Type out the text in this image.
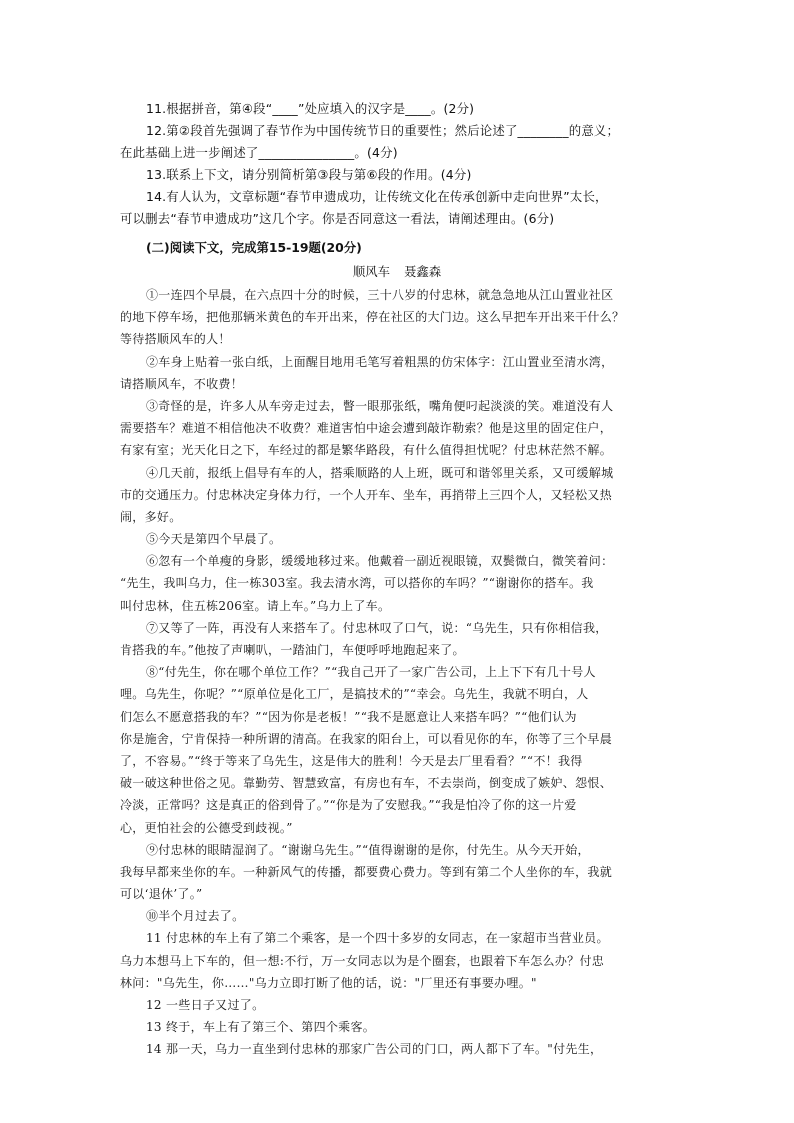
11.根据拼音，第④段“____”处应填入的汉字是____。(2分)
12.第②段首先强调了春节作为中国传统节日的重要性；然后论述了________的意义；
在此基础上进一步阐述了_______________。(4分)
13.联系上下文，请分别简析第③段与第⑥段的作用。(4分)
14.有人认为，文章标题“春节申遗成功，让传统文化在传承创新中走向世界”太长，
可以删去“春节申遗成功”这几个字。你是否同意这一看法，请阐述理由。(6分)
(二)阅读下文，完成第15-19题(20分)
顺风车 聂鑫森
①一连四个早晨，在六点四十分的时候，三十八岁的付忠林，就急急地从江山置业社区
的地下停车场，把他那辆米黄色的车开出来，停在社区的大门边。这么早把车开出来干什么？
等待搭顺风车的人！
②车身上贴着一张白纸，上面醒目地用毛笔写着粗黑的仿宋体字：江山置业至清水湾，
请搭顺风车，不收费！
③奇怪的是，许多人从车旁走过去，瞥一眼那张纸，嘴角便叼起淡淡的笑。难道没有人
需要搭车？难道不相信他决不收费？难道害怕中途会遭到敲诈勒索？他是这里的固定住户，
有家有室；光天化日之下，车经过的都是繁华路段，有什么值得担忧呢？付忠林茫然不解。
④几天前，报纸上倡导有车的人，搭乘顺路的人上班，既可和谐邻里关系，又可缓解城
市的交通压力。付忠林决定身体力行，一个人开车、坐车，再捎带上三四个人，又轻松又热
闹，多好。
⑤今天是第四个早晨了。
⑥忽有一个单瘦的身影，缓缓地移过来。他戴着一副近视眼镜，双鬓微白，微笑着问：
“先生，我叫乌力，住一栋303室。我去清水湾，可以搭你的车吗？”“谢谢你的搭车。我
叫付忠林，住五栋206室。请上车。”乌力上了车。
⑦又等了一阵，再没有人来搭车了。付忠林叹了口气，说：“乌先生，只有你相信我，
肯搭我的车。”他按了声喇叭，一踏油门，车便呼呼地跑起来了。
⑧“付先生，你在哪个单位工作？”“我自己开了一家广告公司，上上下下有几十号人
哩。乌先生，你呢？”“原单位是化工厂，是搞技术的”“幸会。乌先生，我就不明白，人
们怎么不愿意搭我的车？”“因为你是老板！”“我不是愿意让人来搭车吗？”“他们认为
你是施舍，宁肯保持一种所谓的清高。在我家的阳台上，可以看见你的车，你等了三个早晨
了，不容易。”“终于等来了乌先生，这是伟大的胜利！今天是去厂里看看？”“不！我得
破一破这种世俗之见。靠勤劳、智慧致富，有房也有车，不去崇尚，倒变成了嫉妒、怨恨、
冷淡，正常吗？这是真正的俗到骨了。”“你是为了安慰我。”“我是怕冷了你的这一片爱
心，更怕社会的公德受到歧视。”
⑨付忠林的眼睛湿润了。“谢谢乌先生。”“值得谢谢的是你，付先生。从今天开始，
我每早都来坐你的车。一种新风气的传播，都要费心费力。等到有第二个人坐你的车，我就
可以‘退休’了。”
⑩半个月过去了。
11 付忠林的车上有了第二个乘客，是一个四十多岁的女同志，在一家超市当营业员。
乌力本想马上下车的，但一想:不行，万一女同志以为是个圈套，也跟着下车怎么办？付忠
林问："乌先生，你……"乌力立即打断了他的话，说："厂里还有事要办哩。"
12 一些日子又过了。
13 终于，车上有了第三个、第四个乘客。
14 那一天，乌力一直坐到付忠林的那家广告公司的门口，两人都下了车。"付先生，
